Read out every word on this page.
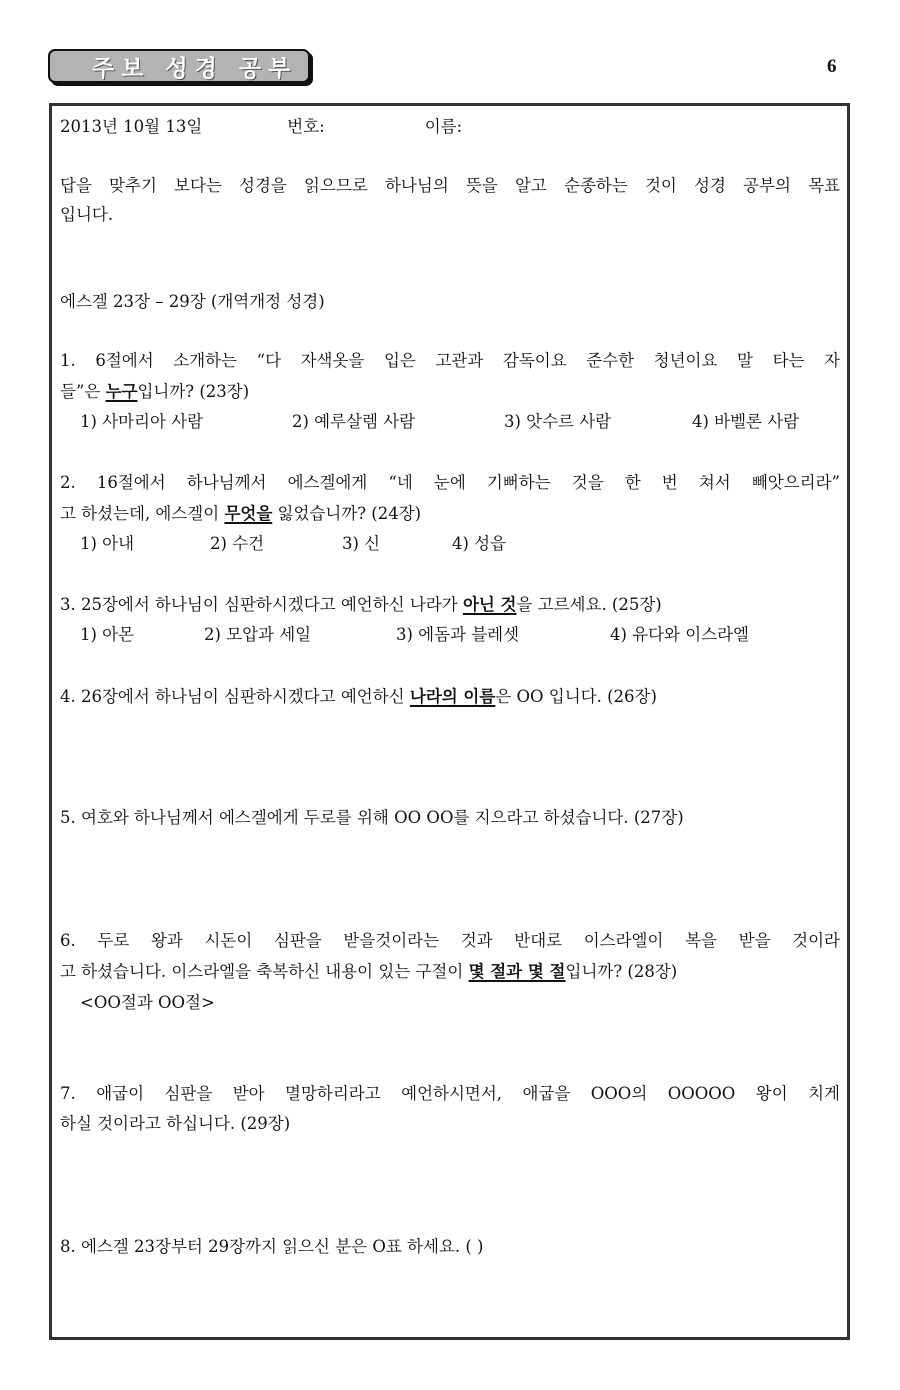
주보 성경 공부	6
2013년 10월 13일	번호:	이름:
답을 맞추기 보다는 성경을 읽으므로 하나님의 뜻을 알고 순종하는 것이 성경 공부의 목표
입니다.
에스겔 23장 – 29장 (개역개정 성경)
1. 6절에서 소개하는 “다 자색옷을 입은 고관과 감독이요 준수한 청년이요 말 타는 자
들”은 누구입니까? (23장)
1) 사마리아 사람	2) 예루살렘 사람	3) 앗수르 사람	4) 바벨론 사람
2. 16절에서 하나님께서 에스겔에게 “네 눈에 기뻐하는 것을 한 번 쳐서 빼앗으리라”
고 하셨는데, 에스겔이 무엇을 잃었습니까? (24장)
1) 아내	2) 수건	3) 신	4) 성읍
3. 25장에서 하나님이 심판하시겠다고 예언하신 나라가 아닌 것을 고르세요. (25장)
1) 아몬	2) 모압과 세일	3) 에돔과 블레셋	4) 유다와 이스라엘
4. 26장에서 하나님이 심판하시겠다고 예언하신 나라의 이름은 OO 입니다. (26장)
5. 여호와 하나님께서 에스겔에게 두로를 위해 OO OO를 지으라고 하셨습니다. (27장)
6. 두로 왕과 시돈이 심판을 받을것이라는 것과 반대로 이스라엘이 복을 받을 것이라
고 하셨습니다. 이스라엘을 축복하신 내용이 있는 구절이 몇 절과 몇 절입니까? (28장)
<OO절과 OO절>
7. 애굽이 심판을 받아 멸망하리라고 예언하시면서, 애굽을 OOO의 OOOOO 왕이 치게
하실 것이라고 하십니다. (29장)
8. 에스겔 23장부터 29장까지 읽으신 분은 O표 하세요. ( )
